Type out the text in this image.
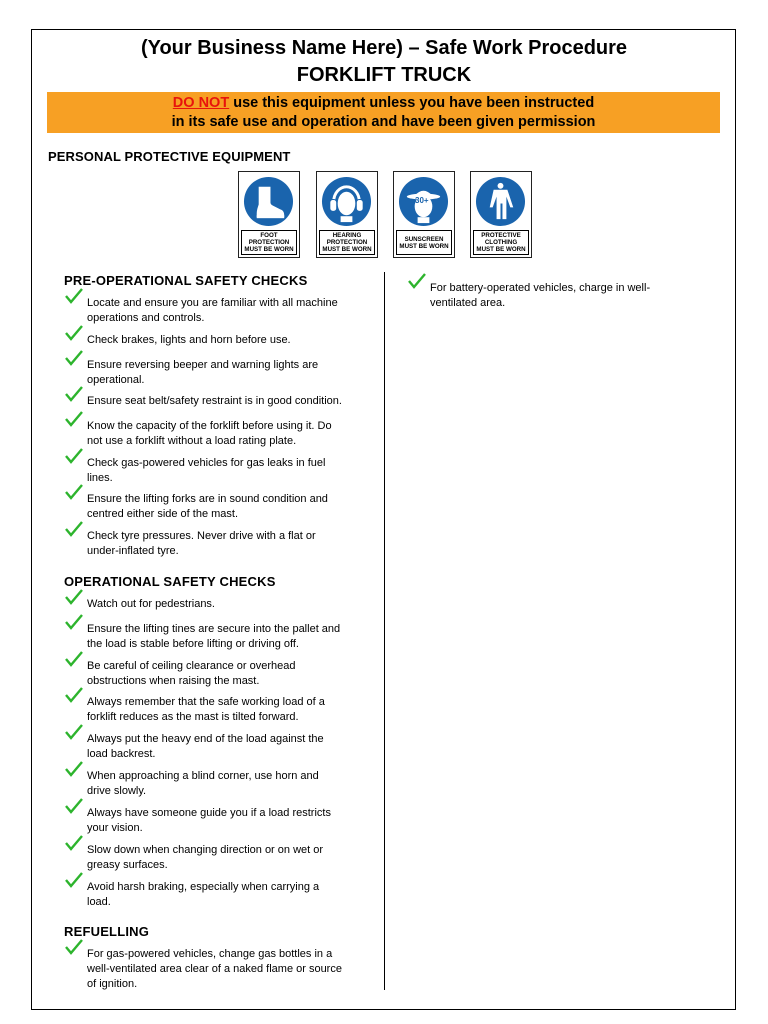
(Your Business Name Here) – Safe Work Procedure
FORKLIFT TRUCK
DO NOT use this equipment unless you have been instructed
in its safe use and operation and have been given permission
PERSONAL PROTECTIVE EQUIPMENT
FOOT
PROTECTION
MUST BE WORN
HEARING
PROTECTION
MUST BE WORN
30+
SUNSCREEN
MUST BE WORN
PROTECTIVE
CLOTHING
MUST BE WORN
PRE-OPERATIONAL SAFETY CHECKS
Locate and ensure you are familiar with all machine
operations and controls.
Check brakes, lights and horn before use.
Ensure reversing beeper and warning lights are
operational.
Ensure seat belt/safety restraint is in good condition.
Know the capacity of the forklift before using it. Do
not use a forklift without a load rating plate.
Check gas-powered vehicles for gas leaks in fuel
lines.
Ensure the lifting forks are in sound condition and
centred either side of the mast.
Check tyre pressures. Never drive with a flat or
under-inflated tyre.
OPERATIONAL SAFETY CHECKS
Watch out for pedestrians.
Ensure the lifting tines are secure into the pallet and
the load is stable before lifting or driving off.
Be careful of ceiling clearance or overhead
obstructions when raising the mast.
Always remember that the safe working load of a
forklift reduces as the mast is tilted forward.
Always put the heavy end of the load against the
load backrest.
When approaching a blind corner, use horn and
drive slowly.
Always have someone guide you if a load restricts
your vision.
Slow down when changing direction or on wet or
greasy surfaces.
Avoid harsh braking, especially when carrying a
load.
REFUELLING
For gas-powered vehicles, change gas bottles in a
well-ventilated area clear of a naked flame or source
of ignition.
For battery-operated vehicles, charge in well-
ventilated area.
